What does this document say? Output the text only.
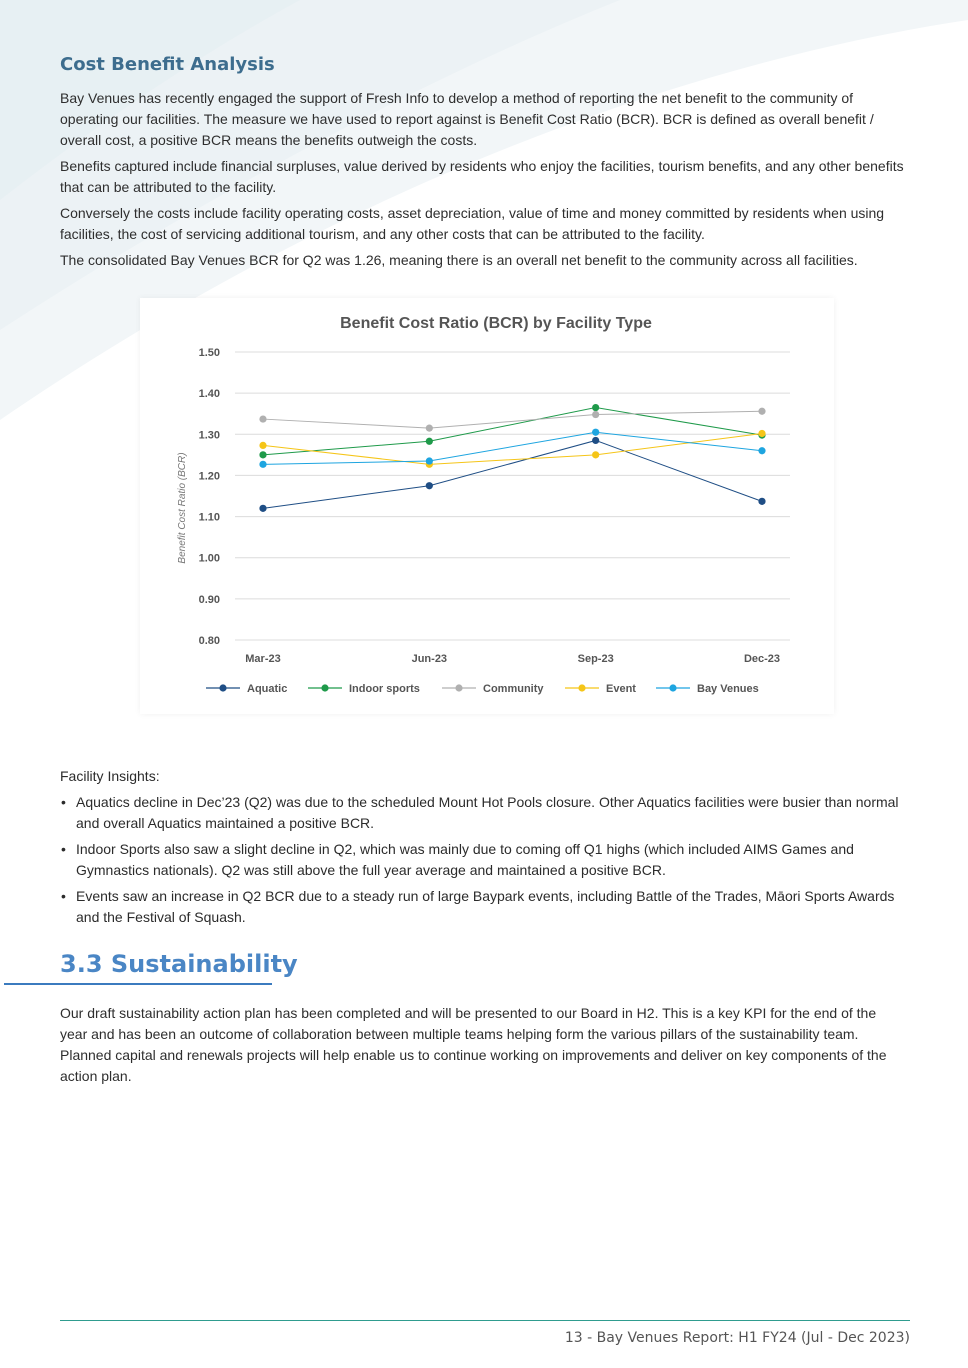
Cost Benefit Analysis

Bay Venues has recently engaged the support of Fresh Info to develop a method of reporting the net benefit to the community of operating our facilities. The measure we have used to report against is Benefit Cost Ratio (BCR). BCR is defined as overall benefit / overall cost, a positive BCR means the benefits outweigh the costs.

Benefits captured include financial surpluses, value derived by residents who enjoy the facilities, tourism benefits, and any other benefits that can be attributed to the facility.

Conversely the costs include facility operating costs, asset depreciation, value of time and money committed by residents when using facilities, the cost of servicing additional tourism, and any other costs that can be attributed to the facility.

The consolidated Bay Venues BCR for Q2 was 1.26, meaning there is an overall net benefit to the community across all facilities.

Benefit Cost Ratio (BCR) by Facility Type
1.50
1.40
1.30
1.20
1.10
1.00
0.90
0.80
Benefit Cost Ratio (BCR)
Mar-23	Jun-23	Sep-23	Dec-23
Aquatic	Indoor sports	Community	Event	Bay Venues

Facility Insights:

• Aquatics decline in Dec’23 (Q2) was due to the scheduled Mount Hot Pools closure. Other Aquatics facilities were busier than normal and overall Aquatics maintained a positive BCR.
• Indoor Sports also saw a slight decline in Q2, which was mainly due to coming off Q1 highs (which included AIMS Games and Gymnastics nationals). Q2 was still above the full year average and maintained a positive BCR.
• Events saw an increase in Q2 BCR due to a steady run of large Baypark events, including Battle of the Trades, Māori Sports Awards and the Festival of Squash.
3.3 Sustainability

Our draft sustainability action plan has been completed and will be presented to our Board in H2. This is a key KPI for the end of the year and has been an outcome of collaboration between multiple teams helping form the various pillars of the sustainability team. Planned capital and renewals projects will help enable us to continue working on improvements and deliver on key components of the action plan.

13 - Bay Venues Report: H1 FY24 (Jul - Dec 2023)
